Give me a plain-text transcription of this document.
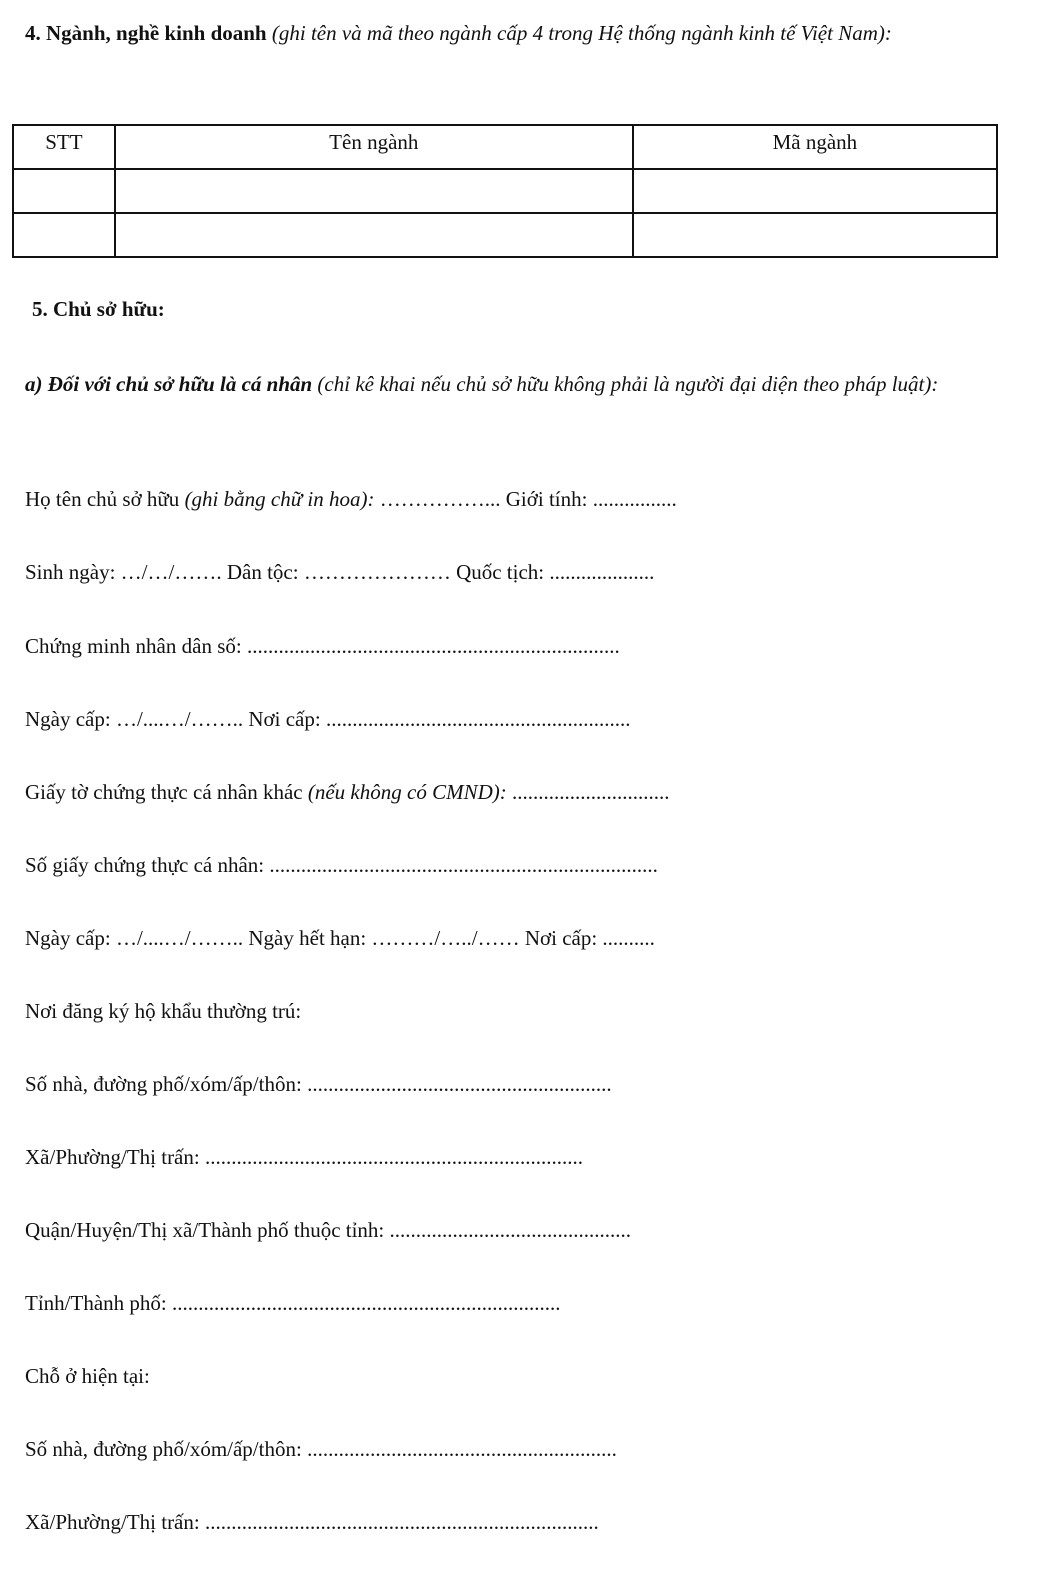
4. Ngành, nghề kinh doanh (ghi tên và mã theo ngành cấp 4 trong Hệ thống ngành kinh tế Việt Nam):
STT	Tên ngành	Mã ngành

5. Chủ sở hữu:
a) Đối với chủ sở hữu là cá nhân (chỉ kê khai nếu chủ sở hữu không phải là người đại diện theo pháp luật):
Họ tên chủ sở hữu (ghi bằng chữ in hoa): ……………... Giới tính: ................
Sinh ngày: …/…/……. Dân tộc: ………………… Quốc tịch: ....................
Chứng minh nhân dân số: .......................................................................
Ngày cấp: …/....…/…….. Nơi cấp: ..........................................................
Giấy tờ chứng thực cá nhân khác (nếu không có CMND): ..............................
Số giấy chứng thực cá nhân: ..........................................................................
Ngày cấp: …/....…/…….. Ngày hết hạn: ………/…../…… Nơi cấp: ..........
Nơi đăng ký hộ khẩu thường trú:
Số nhà, đường phố/xóm/ấp/thôn: ..........................................................
Xã/Phường/Thị trấn: ........................................................................
Quận/Huyện/Thị xã/Thành phố thuộc tỉnh: ..............................................
Tỉnh/Thành phố: ..........................................................................
Chỗ ở hiện tại:
Số nhà, đường phố/xóm/ấp/thôn: ...........................................................
Xã/Phường/Thị trấn: ...........................................................................
